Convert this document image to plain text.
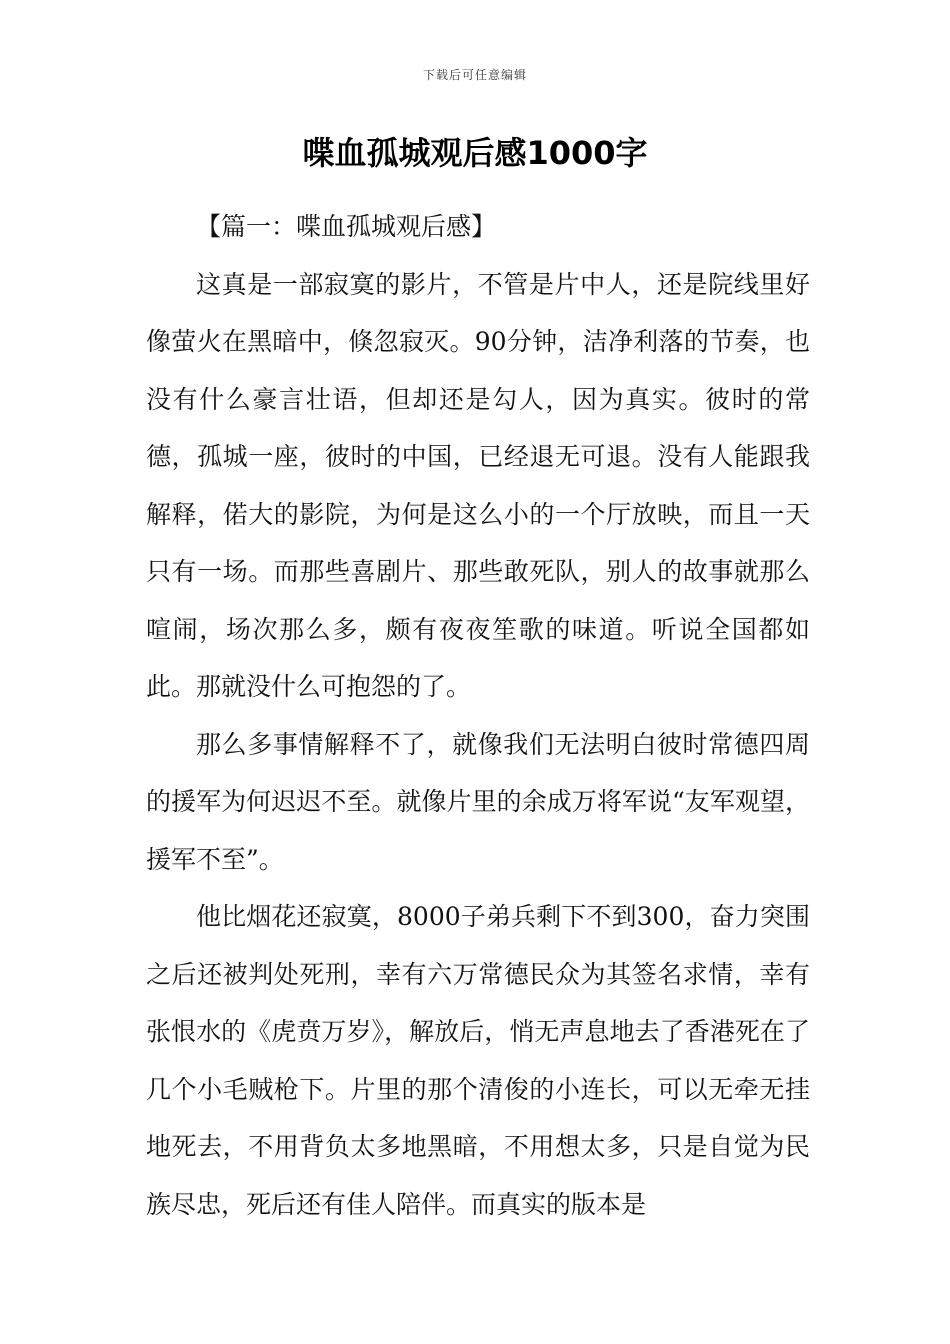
下载后可任意编辑
喋血孤城观后感1000字

【篇一：喋血孤城观后感】

这真是一部寂寞的影片，不管是片中人，还是院线里好像萤火在黑暗中，倏忽寂灭。90分钟，洁净利落的节奏，也没有什么豪言壮语，但却还是勾人，因为真实。彼时的常德，孤城一座，彼时的中国，已经退无可退。没有人能跟我解释，偌大的影院，为何是这么小的一个厅放映，而且一天只有一场。而那些喜剧片、那些敢死队，别人的故事就那么喧闹，场次那么多，颇有夜夜笙歌的味道。听说全国都如此。那就没什么可抱怨的了。

那么多事情解释不了，就像我们无法明白彼时常德四周的援军为何迟迟不至。就像片里的余成万将军说“友军观望，援军不至”。

他比烟花还寂寞，8000子弟兵剩下不到300，奋力突围之后还被判处死刑，幸有六万常德民众为其签名求情，幸有张恨水的《虎贲万岁》，解放后，悄无声息地去了香港死在了几个小毛贼枪下。片里的那个清俊的小连长，可以无牵无挂地死去，不用背负太多地黑暗，不用想太多，只是自觉为民族尽忠，死后还有佳人陪伴。而真实的版本是
